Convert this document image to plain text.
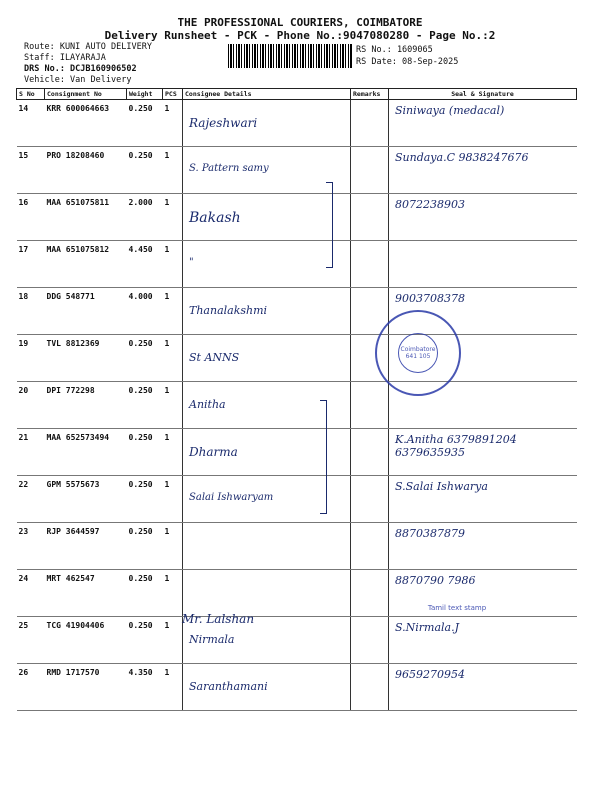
THE PROFESSIONAL COURIERS, COIMBATORE
Delivery Runsheet - PCK - Phone No.:9047080280 - Page No.:2
Route: KUNI AUTO DELIVERY
Staff: ILAYARAJA
DRS No.: DCJB160906502
Vehicle: Van Delivery
RS No.: 1609065
RS Date: 08-Sep-2025
S No	Consignment No	Weight	PCS	Consignee Details	Remarks	Seal & Signature
14	KRR 600064663	0.250	1	Rajeshwari		Siniwaya (medacal)

15	PRO 18208460	0.250	1	S. Pattern samy		Sundaya.C 9838247676

16	MAA 651075811	2.000	1	Bakash		8072238903

17	MAA 651075812	4.450	1	"		

18	DDG 548771	4.000	1	Thanalakshmi		9003708378

19	TVL 8812369	0.250	1	St ANNS		

20	DPI 772298	0.250	1	Anitha		

21	MAA 652573494	0.250	1	Dharma		K.Anitha 6379891204 6379635935

22	GPM 5575673	0.250	1	Salai Ishwaryam		S.Salai Ishwarya

23	RJP 3644597	0.250	1			8870387879

24	MRT 462547	0.250	1			8870790 7986

25	TCG 41904406	0.250	1	Nirmala		S.Nirmala.J

26	RMD 1717570	4.350	1	Saranthamani		9659270954
Mr. Lalshan
Coimbatore 641 105
Tamil text stamp
